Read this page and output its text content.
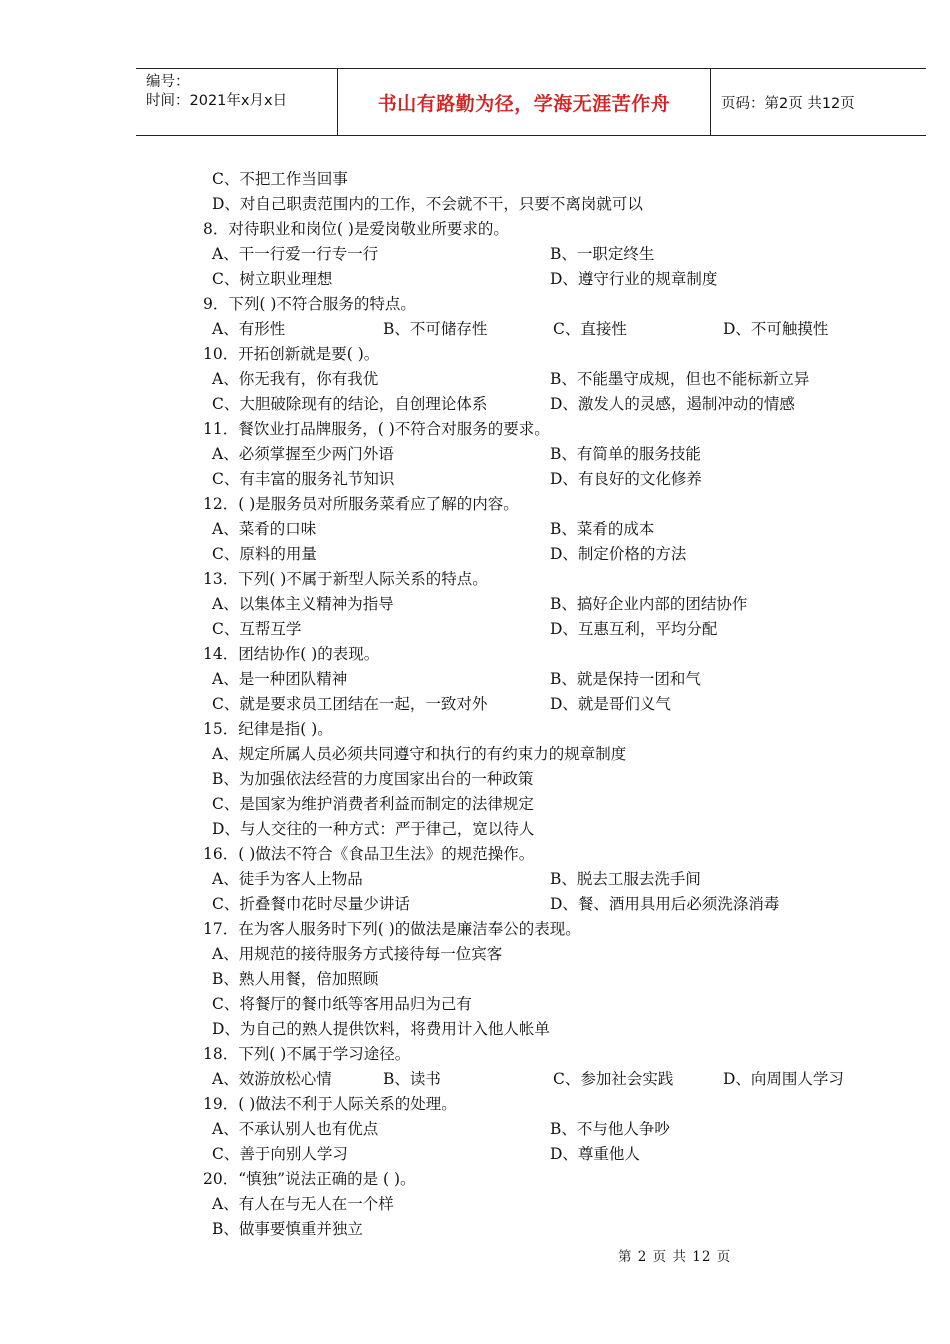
编号：
时间：2021年x月x日	书山有路勤为径，学海无涯苦作舟	页码：第2页 共12页
C、不把工作当回事
D、对自己职责范围内的工作，不会就不干，只要不离岗就可以
8．对待职业和岗位( )是爱岗敬业所要求的。
A、干一行爱一行专一行	B、一职定终生
C、树立职业理想	D、遵守行业的规章制度
9．下列( )不符合服务的特点。
A、有形性	B、不可储存性	C、直接性	D、不可触摸性
10．开拓创新就是要( )。
A、你无我有，你有我优	B、不能墨守成规，但也不能标新立异
C、大胆破除现有的结论，自创理论体系	D、激发人的灵感，遏制冲动的情感
11．餐饮业打品牌服务，( )不符合对服务的要求。
A、必须掌握至少两门外语	B、有简单的服务技能
C、有丰富的服务礼节知识	D、有良好的文化修养
12．( )是服务员对所服务菜肴应了解的内容。
A、菜肴的口味	B、菜肴的成本
C、原料的用量	D、制定价格的方法
13．下列( )不属于新型人际关系的特点。
A、以集体主义精神为指导	B、搞好企业内部的团结协作
C、互帮互学	D、互惠互利，平均分配
14．团结协作( )的表现。
A、是一种团队精神	B、就是保持一团和气
C、就是要求员工团结在一起，一致对外	D、就是哥们义气
15．纪律是指( )。
A、规定所属人员必须共同遵守和执行的有约束力的规章制度
B、为加强依法经营的力度国家出台的一种政策
C、是国家为维护消费者利益而制定的法律规定
D、与人交往的一种方式：严于律己，宽以待人
16．( )做法不符合《食品卫生法》的规范操作。
A、徒手为客人上物品	B、脱去工服去洗手间
C、折叠餐巾花时尽量少讲话	D、餐、酒用具用后必须洗涤消毒
17．在为客人服务时下列( )的做法是廉洁奉公的表现。
A、用规范的接待服务方式接待每一位宾客
B、熟人用餐，倍加照顾
C、将餐厅的餐巾纸等客用品归为己有
D、为自己的熟人提供饮料，将费用计入他人帐单
18．下列( )不属于学习途径。
A、效游放松心情	B、读书	C、参加社会实践	D、向周围人学习
19．( )做法不利于人际关系的处理。
A、不承认别人也有优点	B、不与他人争吵
C、善于向别人学习	D、尊重他人
20．“慎独”说法正确的是 ( )。
A、有人在与无人在一个样
B、做事要慎重并独立
第 2 页 共 12 页
